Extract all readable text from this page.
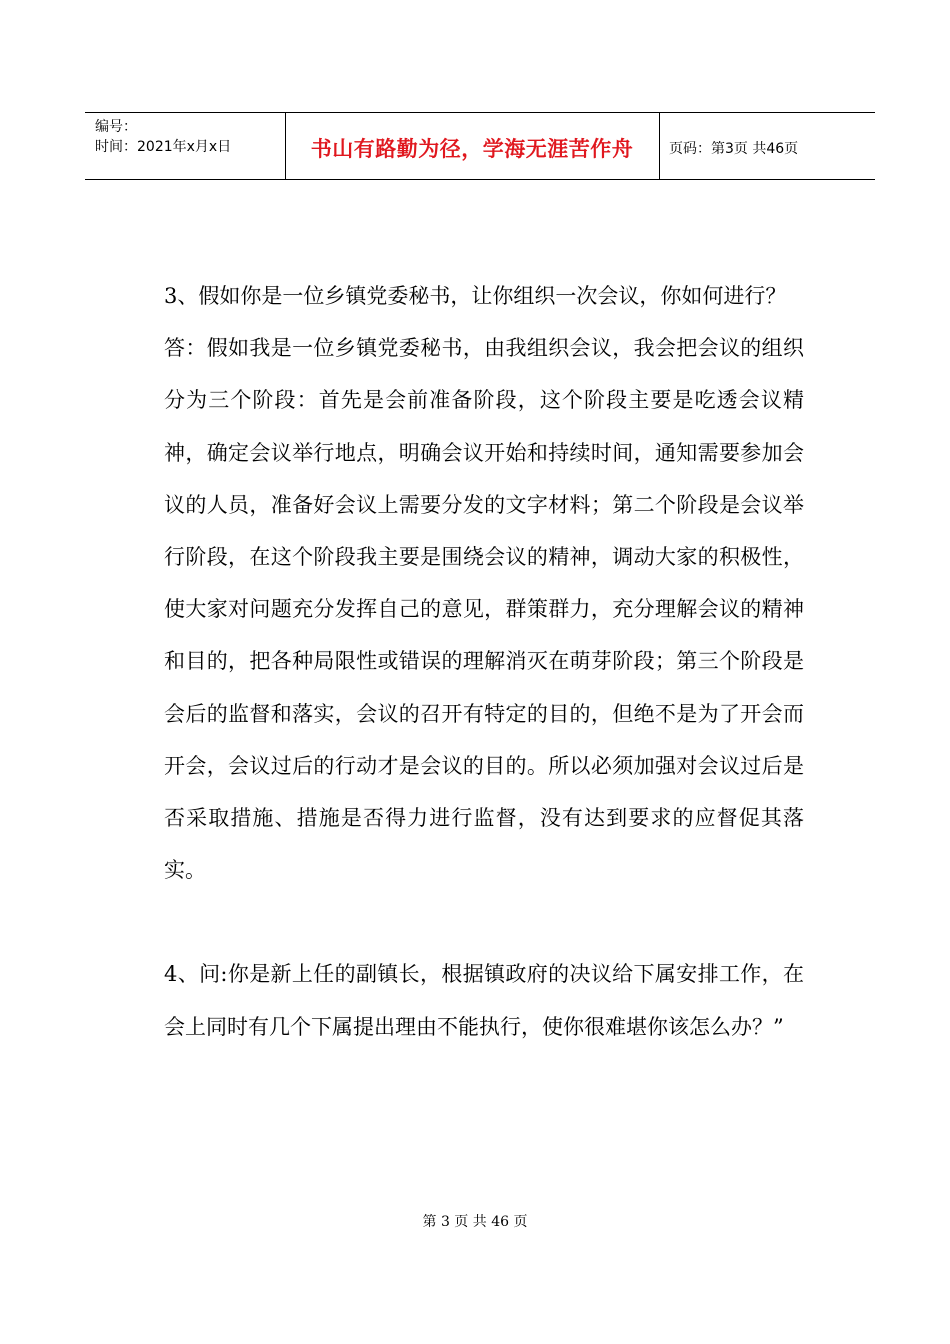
编号：
时间：2021年x月x日	书山有路勤为径，学海无涯苦作舟	页码：第3页 共46页

3、假如你是一位乡镇党委秘书，让你组织一次会议，你如何进行？

答：假如我是一位乡镇党委秘书，由我组织会议，我会把会议的组织分为三个阶段：首先是会前准备阶段，这个阶段主要是吃透会议精神，确定会议举行地点，明确会议开始和持续时间，通知需要参加会议的人员，准备好会议上需要分发的文字材料；第二个阶段是会议举行阶段，在这个阶段我主要是围绕会议的精神，调动大家的积极性，使大家对问题充分发挥自己的意见，群策群力，充分理解会议的精神和目的，把各种局限性或错误的理解消灭在萌芽阶段；第三个阶段是会后的监督和落实，会议的召开有特定的目的，但绝不是为了开会而开会，会议过后的行动才是会议的目的。所以必须加强对会议过后是否采取措施、措施是否得力进行监督，没有达到要求的应督促其落实。

4、问:你是新上任的副镇长，根据镇政府的决议给下属安排工作，在会上同时有几个下属提出理由不能执行，使你很难堪你该怎么办？”

第 3 页 共 46 页
